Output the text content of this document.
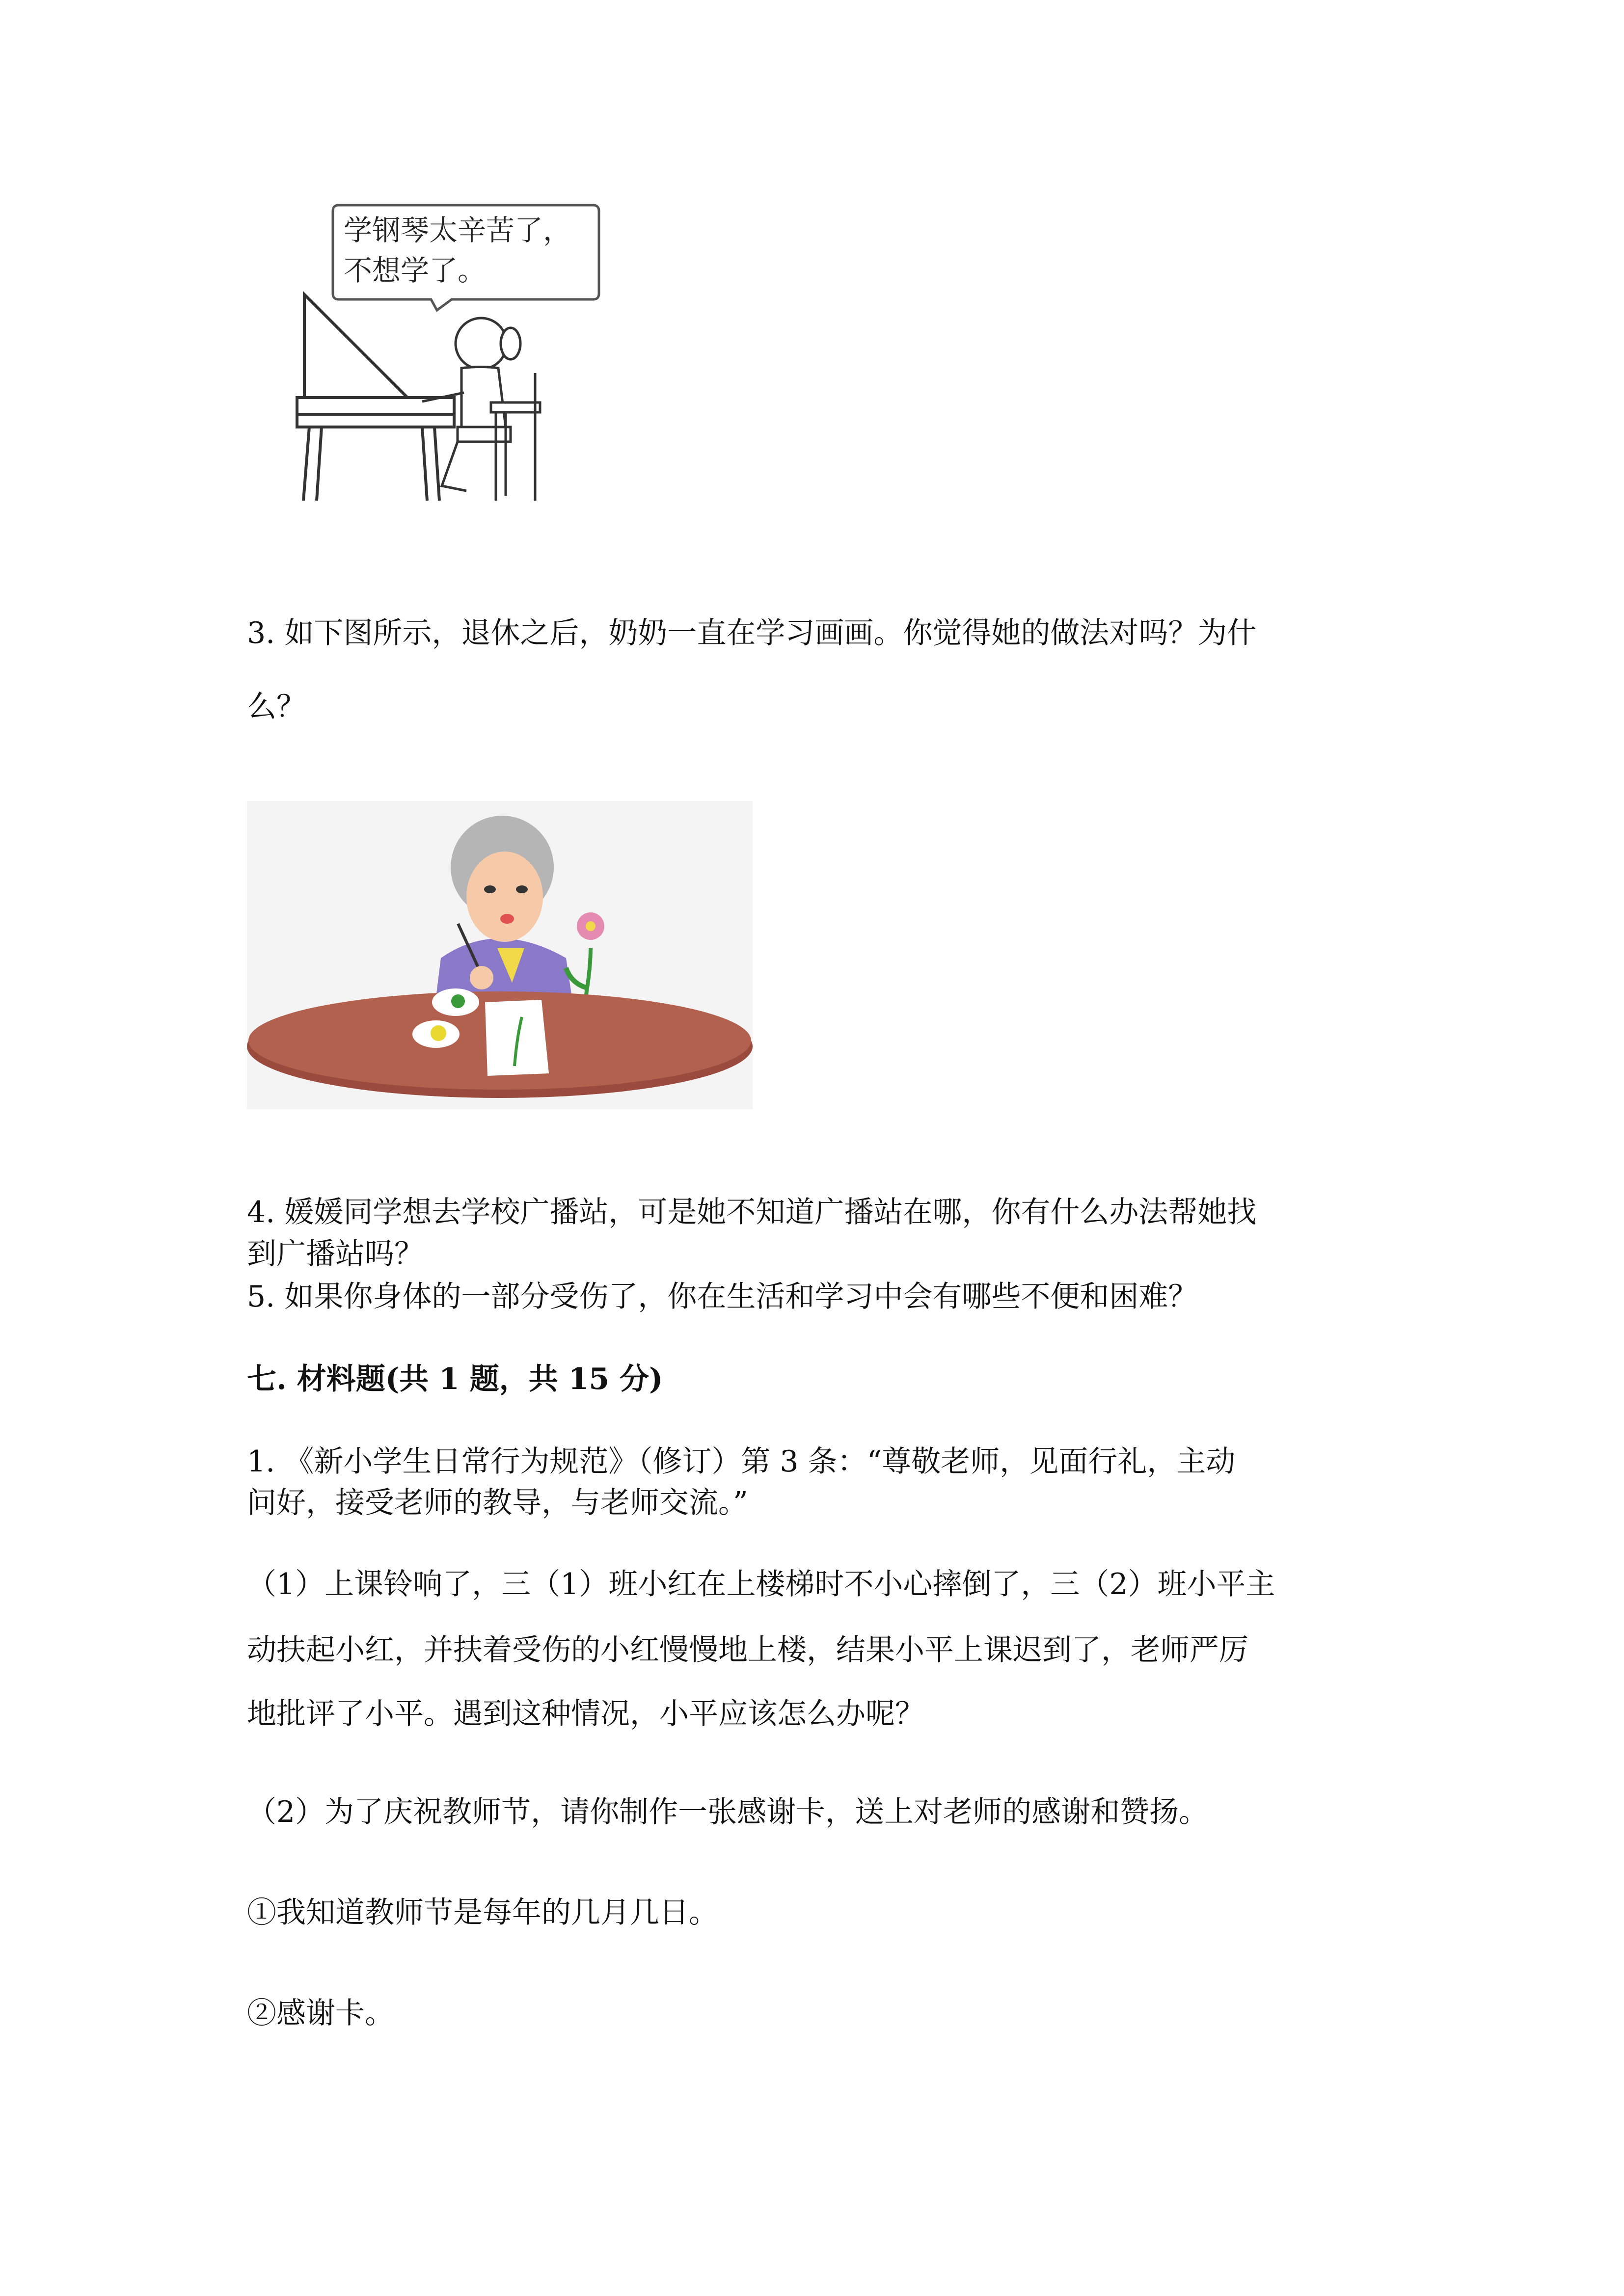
学钢琴太辛苦了，
不想学了。
3. 如下图所示，退休之后，奶奶一直在学习画画。你觉得她的做法对吗？为什
么？
4. 媛媛同学想去学校广播站，可是她不知道广播站在哪，你有什么办法帮她找
到广播站吗？
5. 如果你身体的一部分受伤了，你在生活和学习中会有哪些不便和困难？
七. 材料题(共 1 题，共 15 分)
1. 《新小学生日常行为规范》（修订）第 3 条：“尊敬老师，见面行礼，主动
问好，接受老师的教导，与老师交流。”
（1）上课铃响了，三（1）班小红在上楼梯时不小心摔倒了，三（2）班小平主
动扶起小红，并扶着受伤的小红慢慢地上楼，结果小平上课迟到了，老师严厉
地批评了小平。遇到这种情况，小平应该怎么办呢？
（2）为了庆祝教师节，请你制作一张感谢卡，送上对老师的感谢和赞扬。
①我知道教师节是每年的几月几日。
②感谢卡。
